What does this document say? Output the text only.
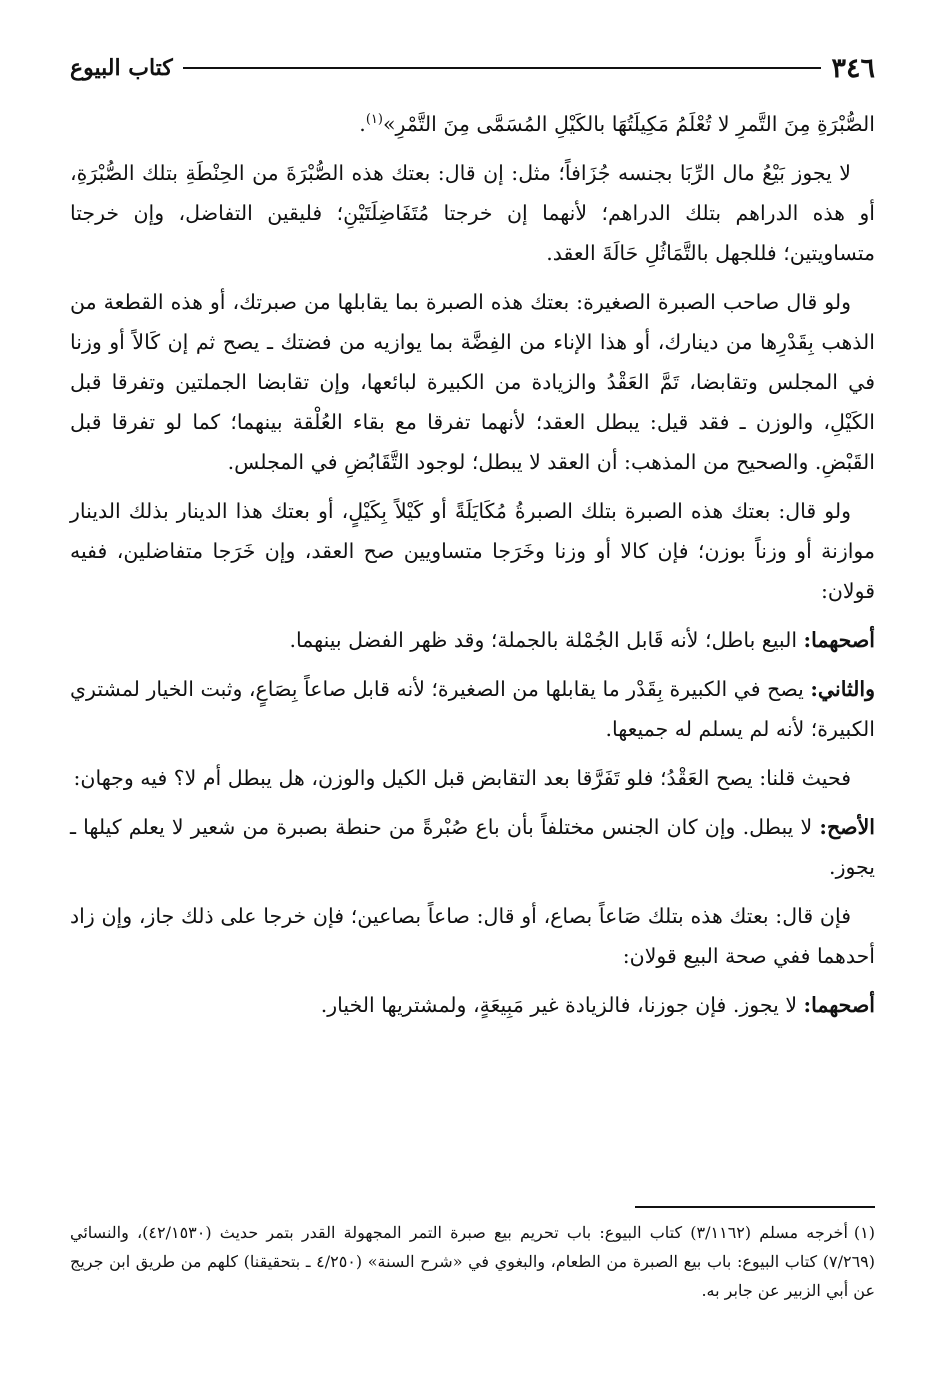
٣٤٦
كتاب البيوع

الصُّبْرَةِ مِنَ التَّمرِ لا تُعْلَمُ مَكِيلَتُهَا بالكَيْلِ المُسَمَّى مِنَ التَّمْرِ»$^{(١)}$.

لا يجوز بَيْعُ مال الرِّبَا بجنسه جُزَافاً؛ مثل: إن قال: بعتك هذه الصُّبْرَةَ من الحِنْطَةِ بتلك الصُّبْرَةِ، أو هذه الدراهم بتلك الدراهم؛ لأنهما إن خرجتا مُتَفَاضِلَتَيْنِ؛ فليقين التفاضل، وإن خرجتا متساويتين؛ فللجهل بالتَّمَاثُلِ حَالَةَ العقد.

ولو قال صاحب الصبرة الصغيرة: بعتك هذه الصبرة بما يقابلها من صبرتك، أو هذه القطعة من الذهب بِقَدْرِها من دينارك، أو هذا الإناء من الفِضَّة بما يوازيه من فضتك ـ يصح ثم إن كَالاً أو وزنا في المجلس وتقابضا، تَمَّ العَقْدُ والزيادة من الكبيرة لبائعها، وإن تقابضا الجملتين وتفرقا قبل الكَيْلِ، والوزن ـ فقد قيل: يبطل العقد؛ لأنهما تفرقا مع بقاء العُلْقة بينهما؛ كما لو تفرقا قبل القَبْضِ. والصحيح من المذهب: أن العقد لا يبطل؛ لوجود التَّقَابُضِ في المجلس.

ولو قال: بعتك هذه الصبرة بتلك الصبرةُ مُكَايَلَةً أو كَيْلاً بِكَيْلٍ، أو بعتك هذا الدينار بذلك الدينار موازنة أو وزناً بوزن؛ فإن كالا أو وزنا وخَرَجا متساويين صح العقد، وإن خَرَجا متفاضلين، ففيه قولان:

أصحهما: البيع باطل؛ لأنه قَابل الجُمْلة بالجملة؛ وقد ظهر الفضل بينهما.

والثاني: يصح في الكبيرة بِقَدْر ما يقابلها من الصغيرة؛ لأنه قابل صاعاً بِصَاعٍ، وثبت الخيار لمشتري الكبيرة؛ لأنه لم يسلم له جميعها.

فحيث قلنا: يصح العَقْدُ؛ فلو تَفَرَّقا بعد التقابض قبل الكيل والوزن، هل يبطل أم لا؟ فيه وجهان:

الأصح: لا يبطل. وإن كان الجنس مختلفاً بأن باع صُبْرةً من حنطة بصبرة من شعير لا يعلم كيلها ـ يجوز.

فإن قال: بعتك هذه بتلك صَاعاً بصاع، أو قال: صاعاً بصاعين؛ فإن خرجا على ذلك جاز، وإن زاد أحدهما ففي صحة البيع قولان:

أصحهما: لا يجوز. فإن جوزنا، فالزيادة غير مَبِيعَةٍ، ولمشتريها الخيار.

(١)أخرجه مسلم (٣/١١٦٢) كتاب البيوع: باب تحريم بيع صبرة التمر المجهولة القدر بتمر حديث (٤٢/١٥٣٠)، والنسائي (٧/٢٦٩) كتاب البيوع: باب بيع الصبرة من الطعام، والبغوي في «شرح السنة» (٤/٢٥٠ ـ بتحقيقنا) كلهم من طريق ابن جريج عن أبي الزبير عن جابر به.
